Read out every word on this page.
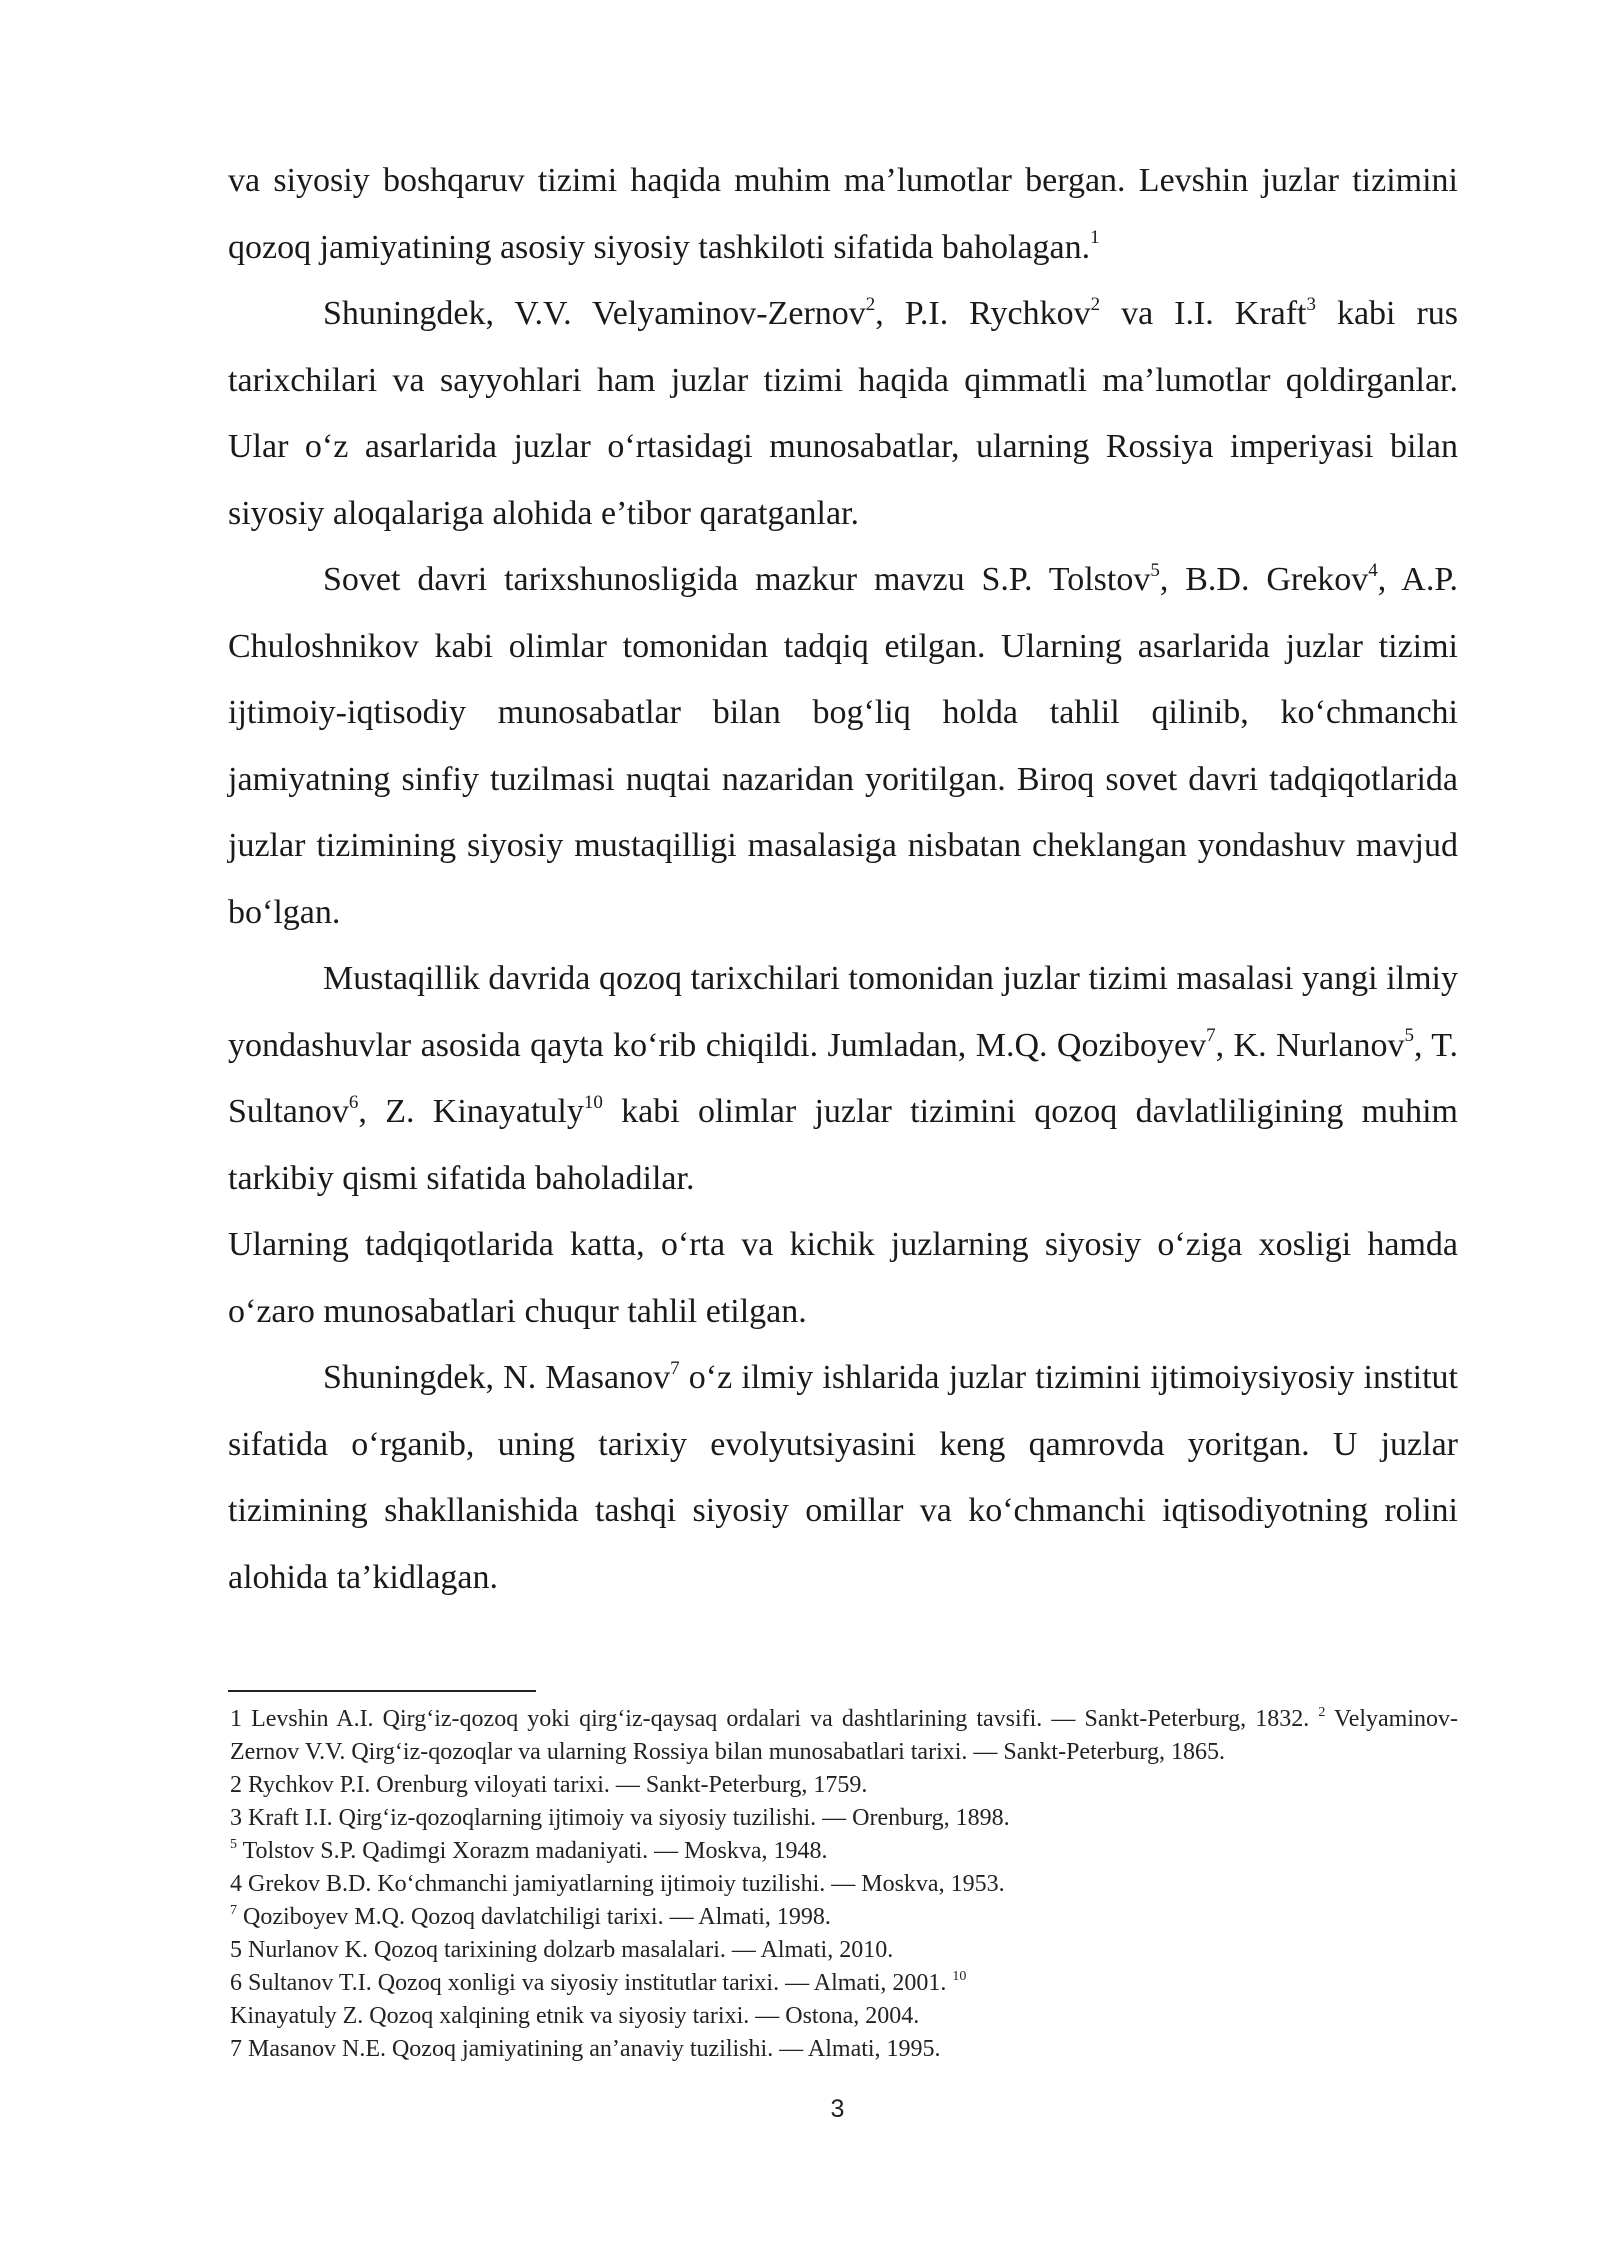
va siyosiy boshqaruv tizimi haqida muhim ma’lumotlar bergan. Levshin juzlar tizimini qozoq jamiyatining asosiy siyosiy tashkiloti sifatida baholagan.$^1$

Shuningdek, V.V. Velyaminov-Zernov$^2$, P.I. Rychkov$^2$ va I.I. Kraft$^3$ kabi rus tarixchilari va sayyohlari ham juzlar tizimi haqida qimmatli ma’lumotlar qoldirganlar. Ular o‘z asarlarida juzlar o‘rtasidagi munosabatlar, ularning Rossiya imperiyasi bilan siyosiy aloqalariga alohida e’tibor qaratganlar.

Sovet davri tarixshunosligida mazkur mavzu S.P. Tolstov$^5$, B.D. Grekov$^4$, A.P. Chuloshnikov kabi olimlar tomonidan tadqiq etilgan. Ularning asarlarida juzlar tizimi ijtimoiy-iqtisodiy munosabatlar bilan bog‘liq holda tahlil qilinib, ko‘chmanchi jamiyatning sinfiy tuzilmasi nuqtai nazaridan yoritilgan. Biroq sovet davri tadqiqotlarida juzlar tizimining siyosiy mustaqilligi masalasiga nisbatan cheklangan yondashuv mavjud bo‘lgan.

Mustaqillik davrida qozoq tarixchilari tomonidan juzlar tizimi masalasi yangi ilmiy yondashuvlar asosida qayta ko‘rib chiqildi. Jumladan, M.Q. Qoziboyev$^7$, K. Nurlanov$^5$, T. Sultanov$^6$, Z. Kinayatuly$^{10}$ kabi olimlar juzlar tizimini qozoq davlatliligining muhim tarkibiy qismi sifatida baholadilar.

Ularning tadqiqotlarida katta, o‘rta va kichik juzlarning siyosiy o‘ziga xosligi hamda o‘zaro munosabatlari chuqur tahlil etilgan.

Shuningdek, N. Masanov$^7$ o‘z ilmiy ishlarida juzlar tizimini ijtimoiysiyosiy institut sifatida o‘rganib, uning tarixiy evolyutsiyasini keng qamrovda yoritgan. U juzlar tizimining shakllanishida tashqi siyosiy omillar va ko‘chmanchi iqtisodiyotning rolini alohida ta’kidlagan.

1 Levshin A.I. Qirg‘iz-qozoq yoki qirg‘iz-qaysaq ordalari va dashtlarining tavsifi. — Sankt-Peterburg, 1832. $^2$ Velyaminov-Zernov V.V. Qirg‘iz-qozoqlar va ularning Rossiya bilan munosabatlari tarixi. — Sankt-Peterburg, 1865.
2 Rychkov P.I. Orenburg viloyati tarixi. — Sankt-Peterburg, 1759.
3 Kraft I.I. Qirg‘iz-qozoqlarning ijtimoiy va siyosiy tuzilishi. — Orenburg, 1898.
$^5$ Tolstov S.P. Qadimgi Xorazm madaniyati. — Moskva, 1948.
4 Grekov B.D. Ko‘chmanchi jamiyatlarning ijtimoiy tuzilishi. — Moskva, 1953.
$^7$ Qoziboyev M.Q. Qozoq davlatchiligi tarixi. — Almati, 1998.
5 Nurlanov K. Qozoq tarixining dolzarb masalalari. — Almati, 2010.
6 Sultanov T.I. Qozoq xonligi va siyosiy institutlar tarixi. — Almati, 2001. $^{10}$
Kinayatuly Z. Qozoq xalqining etnik va siyosiy tarixi. — Ostona, 2004.
7 Masanov N.E. Qozoq jamiyatining an’anaviy tuzilishi. — Almati, 1995.
3
